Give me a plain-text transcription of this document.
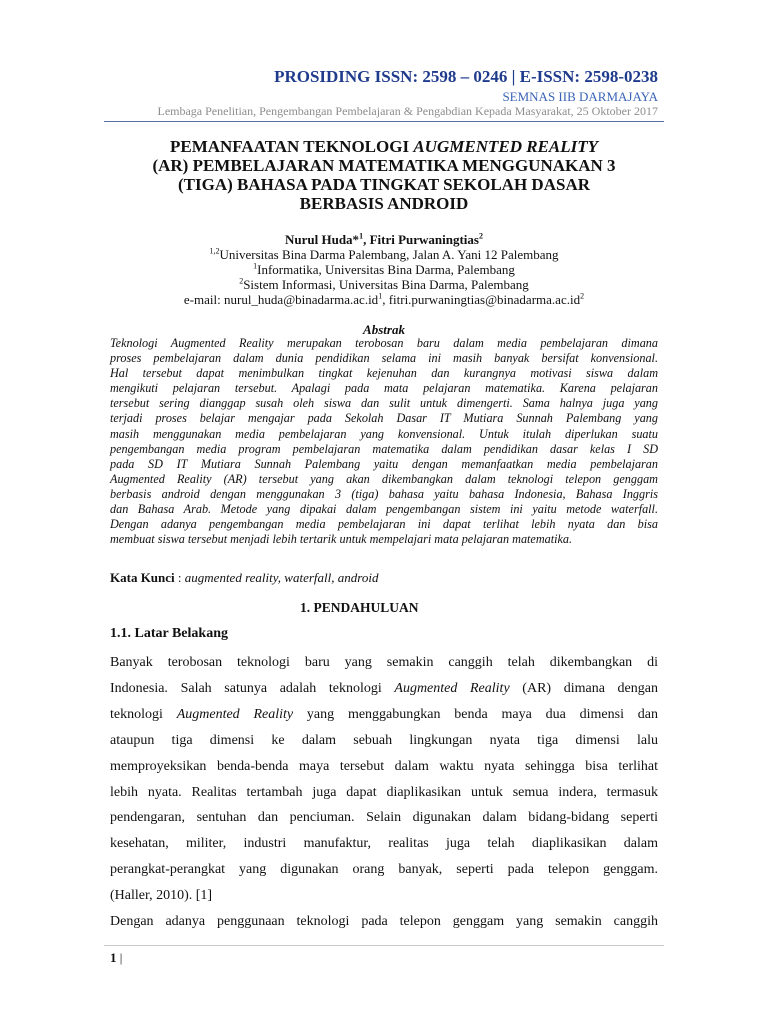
PROSIDING ISSN: 2598 – 0246 | E-ISSN: 2598-0238
SEMNAS IIB DARMAJAYA
Lembaga Penelitian, Pengembangan Pembelajaran & Pengabdian Kepada Masyarakat, 25 Oktober 2017
PEMANFAATAN TEKNOLOGI AUGMENTED REALITY
(AR) PEMBELAJARAN MATEMATIKA MENGGUNAKAN 3
(TIGA) BAHASA PADA TINGKAT SEKOLAH DASAR
BERBASIS ANDROID
Nurul Huda*$^1$, Fitri Purwaningtias$^2$
$^{1,2}$Universitas Bina Darma Palembang, Jalan A. Yani 12 Palembang
$^1$Informatika, Universitas Bina Darma, Palembang
$^2$Sistem Informasi, Universitas Bina Darma, Palembang
e-mail: $nurul\_huda@binadarma.ac.id^1$, $fitri.purwaningtias@binadarma.ac.id^2$
Abstrak
Teknologi Augmented Reality merupakan terobosan baru dalam media pembelajaran dimana
proses pembelajaran dalam dunia pendidikan selama ini masih banyak bersifat konvensional.
Hal tersebut dapat menimbulkan tingkat kejenuhan dan kurangnya motivasi siswa dalam
mengikuti pelajaran tersebut. Apalagi pada mata pelajaran matematika. Karena pelajaran
tersebut sering dianggap susah oleh siswa dan sulit untuk dimengerti. Sama halnya juga yang
terjadi proses belajar mengajar pada Sekolah Dasar IT Mutiara Sunnah Palembang yang
masih menggunakan media pembelajaran yang konvensional. Untuk itulah diperlukan suatu
pengembangan media program pembelajaran matematika dalam pendidikan dasar kelas I SD
pada SD IT Mutiara Sunnah Palembang yaitu dengan memanfaatkan media pembelajaran
Augmented Reality (AR) tersebut yang akan dikembangkan dalam teknologi telepon genggam
berbasis android dengan menggunakan 3 (tiga) bahasa yaitu bahasa Indonesia, Bahasa Inggris
dan Bahasa Arab. Metode yang dipakai dalam pengembangan sistem ini yaitu metode waterfall.
Dengan adanya pengembangan media pembelajaran ini dapat terlihat lebih nyata dan bisa
membuat siswa tersebut menjadi lebih tertarik untuk mempelajari mata pelajaran matematika.
Kata Kunci : augmented reality, waterfall, android
1. PENDAHULUAN
1.1. Latar Belakang
Banyak terobosan teknologi baru yang semakin canggih telah dikembangkan di
Indonesia. Salah satunya adalah teknologi Augmented Reality (AR) dimana dengan
teknologi Augmented Reality yang menggabungkan benda maya dua dimensi dan
ataupun tiga dimensi ke dalam sebuah lingkungan nyata tiga dimensi lalu
memproyeksikan benda-benda maya tersebut dalam waktu nyata sehingga bisa terlihat
lebih nyata. Realitas tertambah juga dapat diaplikasikan untuk semua indera, termasuk
pendengaran, sentuhan dan penciuman. Selain digunakan dalam bidang-bidang seperti
kesehatan, militer, industri manufaktur, realitas juga telah diaplikasikan dalam
perangkat-perangkat yang digunakan orang banyak, seperti pada telepon genggam.
(Haller, 2010). [1]
Dengan adanya penggunaan teknologi pada telepon genggam yang semakin canggih
1 |
